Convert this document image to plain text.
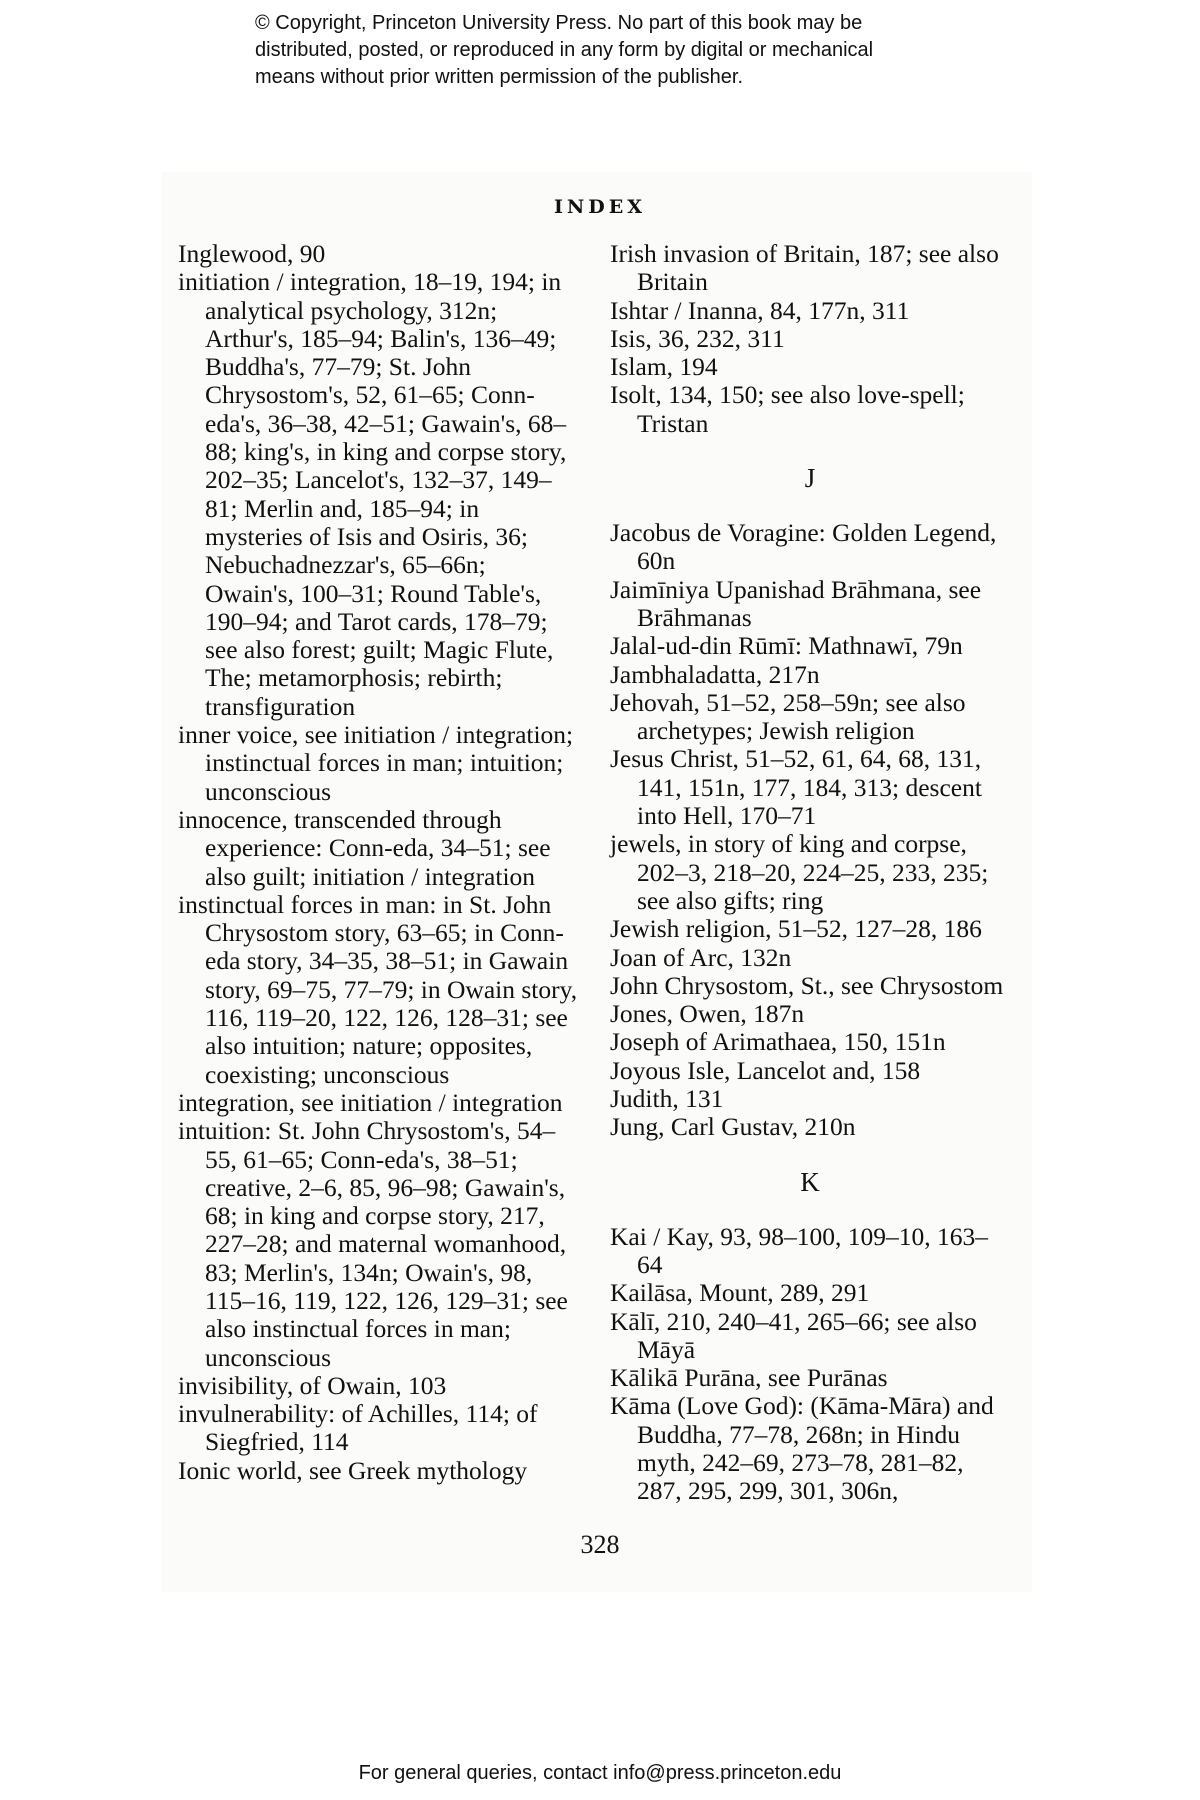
© Copyright, Princeton University Press. No part of this book may be
distributed, posted, or reproduced in any form by digital or mechanical
means without prior written permission of the publisher.
INDEX
Inglewood, 90
initiation / integration, 18–19, 194; in analytical psychology, 312n; Arthur's, 185–94; Balin's, 136–49; Buddha's, 77–79; St. John Chrysostom's, 52, 61–65; Conn-eda's, 36–38, 42–51; Gawain's, 68–88; king's, in king and corpse story, 202–35; Lancelot's, 132–37, 149–81; Merlin and, 185–94; in mysteries of Isis and Osiris, 36; Nebuchadnezzar's, 65–66n; Owain's, 100–31; Round Table's, 190–94; and Tarot cards, 178–79; see also forest; guilt; Magic Flute, The; metamorphosis; rebirth; transfiguration
inner voice, see initiation / integration; instinctual forces in man; intuition; unconscious
innocence, transcended through experience: Conn-eda, 34–51; see also guilt; initiation / integration
instinctual forces in man: in St. John Chrysostom story, 63–65; in Conn-eda story, 34–35, 38–51; in Gawain story, 69–75, 77–79; in Owain story, 116, 119–20, 122, 126, 128–31; see also intuition; nature; opposites, coexisting; unconscious
integration, see initiation / integration
intuition: St. John Chrysostom's, 54–55, 61–65; Conn-eda's, 38–51; creative, 2–6, 85, 96–98; Gawain's, 68; in king and corpse story, 217, 227–28; and maternal womanhood, 83; Merlin's, 134n; Owain's, 98, 115–16, 119, 122, 126, 129–31; see also instinctual forces in man; unconscious
invisibility, of Owain, 103
invulnerability: of Achilles, 114; of Siegfried, 114
Ionic world, see Greek mythology
Irish invasion of Britain, 187; see also Britain
Ishtar / Inanna, 84, 177n, 311
Isis, 36, 232, 311
Islam, 194
Isolt, 134, 150; see also love-spell; Tristan
J
Jacobus de Voragine: Golden Legend, 60n
Jaimīniya Upanishad Brāhmana, see Brāhmanas
Jalal-ud-din Rūmī: Mathnawī, 79n
Jambhaladatta, 217n
Jehovah, 51–52, 258–59n; see also archetypes; Jewish religion
Jesus Christ, 51–52, 61, 64, 68, 131, 141, 151n, 177, 184, 313; descent into Hell, 170–71
jewels, in story of king and corpse, 202–3, 218–20, 224–25, 233, 235; see also gifts; ring
Jewish religion, 51–52, 127–28, 186
Joan of Arc, 132n
John Chrysostom, St., see Chrysostom
Jones, Owen, 187n
Joseph of Arimathaea, 150, 151n
Joyous Isle, Lancelot and, 158
Judith, 131
Jung, Carl Gustav, 210n
K
Kai / Kay, 93, 98–100, 109–10, 163–64
Kailāsa, Mount, 289, 291
Kālī, 210, 240–41, 265–66; see also Māyā
Kālikā Purāna, see Purānas
Kāma (Love God): (Kāma-Māra) and Buddha, 77–78, 268n; in Hindu myth, 242–69, 273–78, 281–82, 287, 295, 299, 301, 306n,
328
For general queries, contact info@press.princeton.edu
